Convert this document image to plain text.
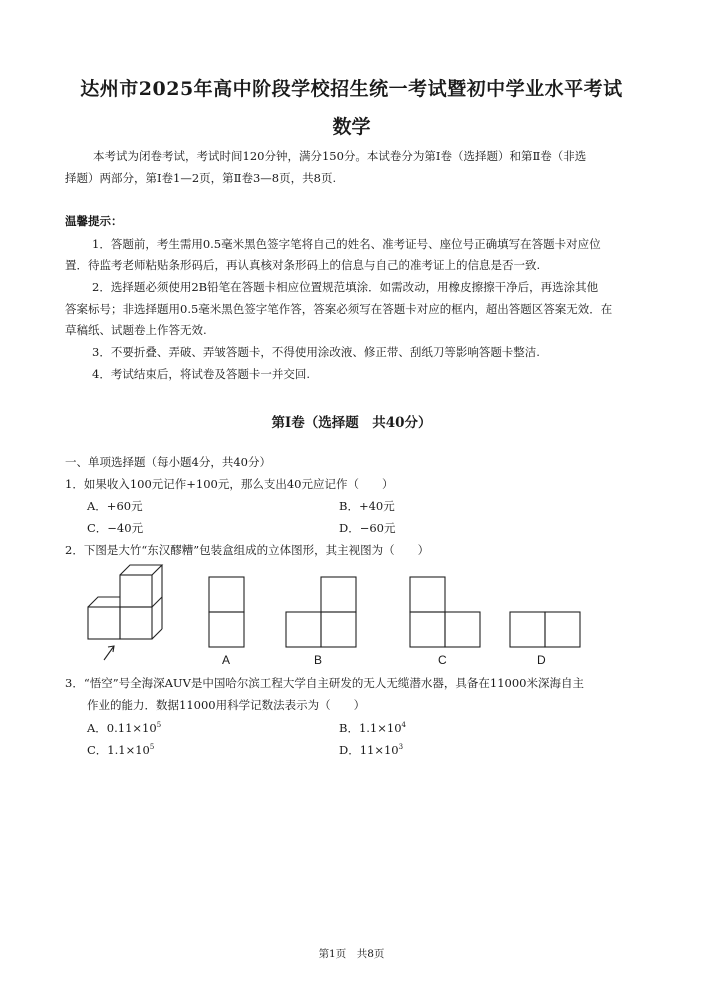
达州市2025年高中阶段学校招生统一考试暨初中学业水平考试
数学
本考试为闭卷考试，考试时间120分钟，满分150分。本试卷分为第Ⅰ卷（选择题）和第Ⅱ卷（非选
择题）两部分，第Ⅰ卷1—2页，第Ⅱ卷3—8页，共8页.
温馨提示：
1．答题前，考生需用0.5毫米黑色签字笔将自己的姓名、准考证号、座位号正确填写在答题卡对应位
置．待监考老师粘贴条形码后，再认真核对条形码上的信息与自己的准考证上的信息是否一致.
2．选择题必须使用2B铅笔在答题卡相应位置规范填涂．如需改动，用橡皮擦擦干净后，再选涂其他
答案标号；非选择题用0.5毫米黑色签字笔作答，答案必须写在答题卡对应的框内，超出答题区答案无效．在
草稿纸、试题卷上作答无效.
3．不要折叠、弄破、弄皱答题卡，不得使用涂改液、修正带、刮纸刀等影响答题卡整洁.
4．考试结束后，将试卷及答题卡一并交回.
第Ⅰ卷（选择题　共40分）
一、单项选择题（每小题4分，共40分）
1．如果收入100元记作+100元，那么支出40元应记作（　　）
A．+60元	B．+40元
C．−40元	D．−60元
2．下图是大竹“东汉醪糟”包装盒组成的立体图形，其主视图为（　　）
A	B	C	D
3．“悟空”号全海深AUV是中国哈尔滨工程大学自主研发的无人无缆潜水器，具备在11000米深海自主
作业的能力．数据11000用科学记数法表示为（　　）
A．$0.11\times 10^5$	B．$1.1\times 10^4$
C．$1.1\times 10^5$	D．$11\times 10^3$
第1页　共8页
